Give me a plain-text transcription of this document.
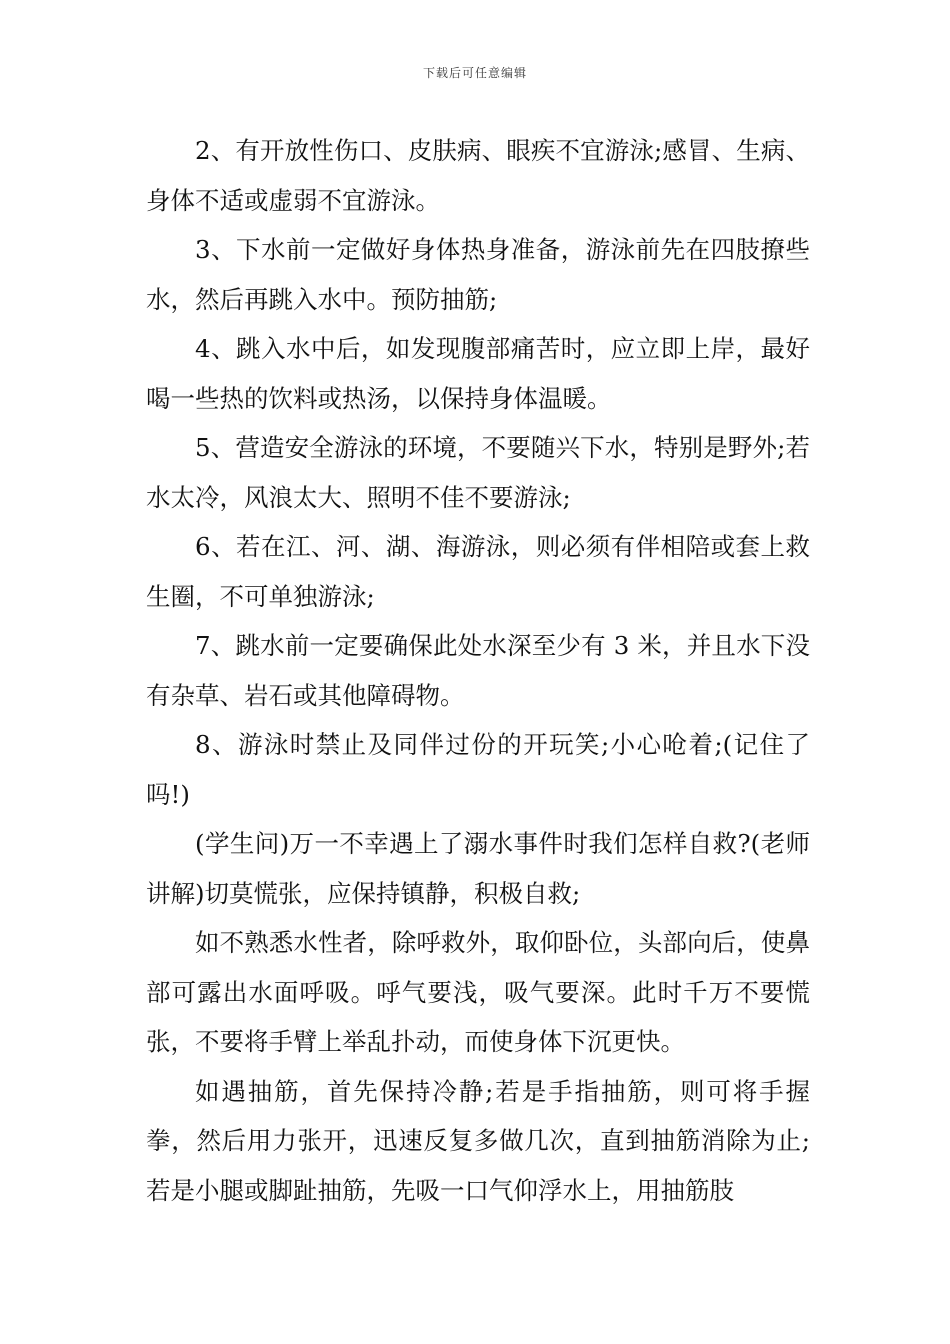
下载后可任意编辑

2、有开放性伤口、皮肤病、眼疾不宜游泳;感冒、生病、身体不适或虚弱不宜游泳。

3、下水前一定做好身体热身准备，游泳前先在四肢撩些水，然后再跳入水中。预防抽筋;

4、跳入水中后，如发现腹部痛苦时，应立即上岸，最好喝一些热的饮料或热汤，以保持身体温暖。

5、营造安全游泳的环境，不要随兴下水，特别是野外;若水太冷，风浪太大、照明不佳不要游泳;

6、若在江、河、湖、海游泳，则必须有伴相陪或套上救生圈，不可单独游泳;

7、跳水前一定要确保此处水深至少有 3 米，并且水下没有杂草、岩石或其他障碍物。

8、游泳时禁止及同伴过份的开玩笑;小心呛着;(记住了吗!)

(学生问)万一不幸遇上了溺水事件时我们怎样自救?(老师讲解)切莫慌张，应保持镇静，积极自救;

如不熟悉水性者，除呼救外，取仰卧位，头部向后，使鼻部可露出水面呼吸。呼气要浅，吸气要深。此时千万不要慌张，不要将手臂上举乱扑动，而使身体下沉更快。

如遇抽筋，首先保持冷静;若是手指抽筋，则可将手握拳，然后用力张开，迅速反复多做几次，直到抽筋消除为止;若是小腿或脚趾抽筋，先吸一口气仰浮水上，用抽筋肢
